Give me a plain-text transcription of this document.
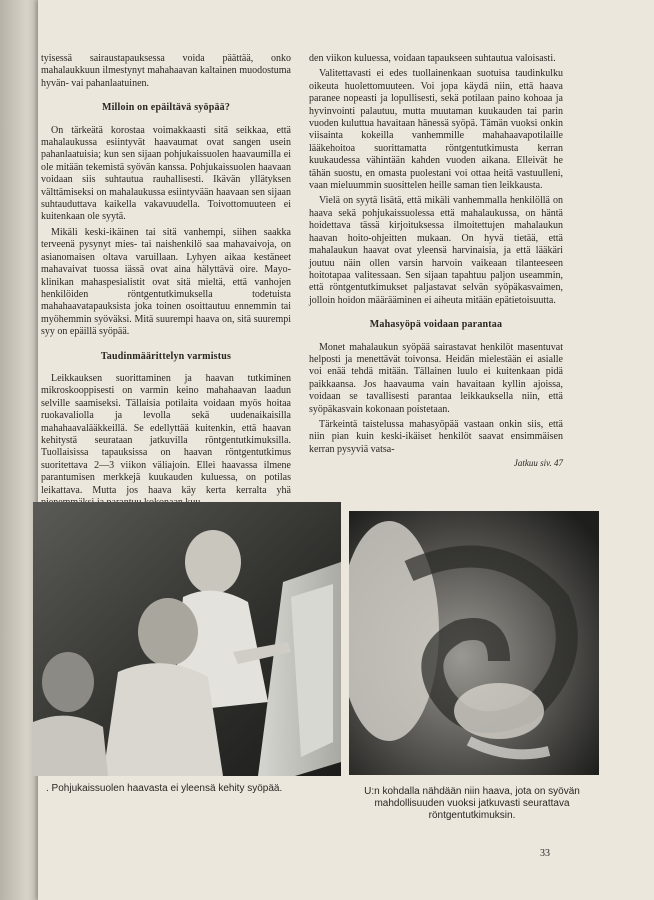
tyisessä sairaustapauksessa voida päättää, onko mahalaukkuun ilmestynyt mahahaavan kaltainen muodostuma hyvän- vai pahanlaatuinen.

Milloin on epäiltävä syöpää?

On tärkeätä korostaa voimakkaasti sitä seikkaa, että mahalaukussa esiintyvät haavaumat ovat sangen usein pahanlaatuisia; kun sen sijaan pohjukaissuolen haavaumilla ei ole mitään tekemistä syövän kanssa. Pohjukaissuolen haavaan voidaan siis suhtautua rauhallisesti. Ikävän yllätyksen välttämiseksi on mahalaukussa esiintyvään haavaan sen sijaan suhtauduttava kaikella vakavuudella. Toivottomuuteen ei kuitenkaan ole syytä.

Mikäli keski-ikäinen tai sitä vanhempi, siihen saakka terveenä pysynyt mies- tai naishenkilö saa mahavaivoja, on asianomaisen oltava varuillaan. Lyhyen aikaa kestäneet mahavaivat tuossa iässä ovat aina hälyttävä oire. Mayo-klinikan mahaspesialistit ovat sitä mieltä, että vanhojen henkilöiden röntgentutkimuksella todetuista mahahaavatapauksista joka toinen osoittautuu ennemmin tai myöhemmin syöväksi. Mitä suurempi haava on, sitä suurempi syy on epäillä syöpää.

Taudinmäärittelyn varmistus

Leikkauksen suorittaminen ja haavan tutkiminen mikroskooppisesti on varmin keino mahahaavan laadun selville saamiseksi. Tällaisia potilaita voidaan myös hoitaa ruokavaliolla ja levolla sekä uudenaikaisilla mahahaavalääkkeillä. Se edellyttää kuitenkin, että haavan kehitystä seurataan jatkuvilla röntgentutkimuksilla. Tuollaisissa tapauksissa on haavan röntgentutkimus suoritettava 2—3 viikon väliajoin. Ellei haavassa ilmene parantumisen merkkejä kuukauden kuluessa, on potilas leikattava. Mutta jos haava käy kerta kerralta yhä

den viikon kuluessa, voidaan tapaukseen suhtautua valoisasti.

Valitettavasti ei edes tuollainenkaan suotuisa taudinkulku oikeuta huolettomuuteen. Voi jopa käydä niin, että haava paranee nopeasti ja lopullisesti, sekä potilaan paino kohoaa ja hyvinvointi palautuu, mutta muutaman kuukauden tai parin vuoden kuluttua havaitaan hänessä syöpä. Tämän vuoksi onkin viisainta kokeilla vanhemmille mahahaavapotilaille lääkehoitoa suorittamatta röntgentutkimusta kerran kuukaudessa vähintään kahden vuoden aikana. Elleivät he tähän suostu, en omasta puolestani voi ottaa heitä vastuulleni, vaan mieluummin suosittelen heille saman tien leikkausta.

Vielä on syytä lisätä, että mikäli vanhemmalla henkilöllä on haava sekä pohjukaissuolessa että mahalaukussa, on häntä hoidettava tässä kirjoituksessa ilmoitettujen mahalaukun haavan hoito-ohjeitten mukaan. On hyvä tietää, että mahalaukun haavat ovat yleensä harvinaisia, ja että lääkäri joutuu näin ollen varsin harvoin vaikeaan tilanteeseen hoitotapaa valitessaan. Sen sijaan tapahtuu paljon useammin, että röntgentutkimukset paljastavat selvän syöpäkasvaimen, jolloin hoidon määrääminen ei aiheuta mitään epätietoisuutta.

Mahasyöpä voidaan parantaa

Monet mahalaukun syöpää sairastavat henkilöt masentuvat helposti ja menettävät toivonsa. Heidän mielestään ei asialle voi enää tehdä mitään. Tällainen luulo ei kuitenkaan pidä paikkaansa. Jos haavauma vain havaitaan kyllin ajoissa, voidaan se tavallisesti parantaa leikkauksella niin, että syöpäkasvain kokonaan poistetaan.

Tärkeintä taistelussa mahasyöpää vastaan onkin siis, että niin pian kuin keski-ikäiset henkilöt saavat ensimmäisen kerran pysyviä vatsa-

Jatkuu siv. 47
. Pohjukaissuolen haavasta ei yleensä kehity syöpää.	U:n kohdalla nähdään niin haava, jota on syövän mahdollisuuden vuoksi jatkuvasti seurattava röntgentutkimuksin.
33
